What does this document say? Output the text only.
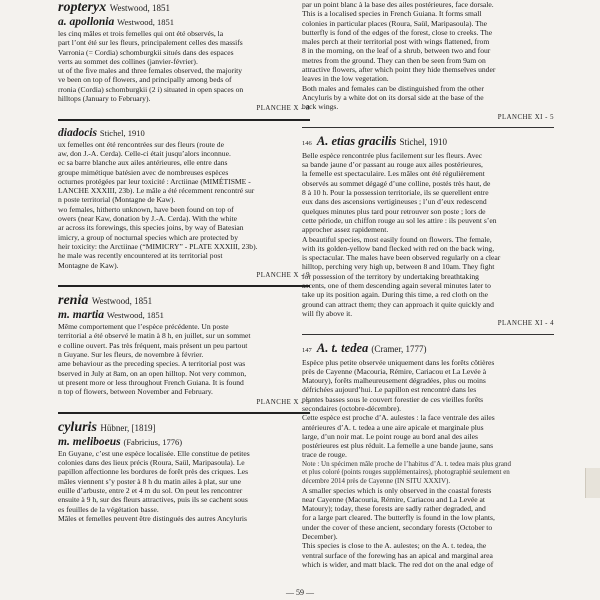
ropteryx Westwood, 1851
a. apollonia Westwood, 1851

les cinq mâles et trois femelles qui ont été observés, la

part l’ont été sur les fleurs, principalement celles des massifs

Varronia (= Cordia) schomburgkii situés dans des espaces

verts au sommet des collines (janvier-février).

ut of the five males and three females observed, the majority

ve been on top of flowers, and principally among beds of

rronia (Cordia) schomburgkii (2 i) situated in open spaces on

hilltops (January to February).

PLANCHE X - 8
diadocis Stichel, 1910

ux femelles ont été rencontrées sur des fleurs (route de

aw, don J.-A. Cerda). Celle-ci était jusqu’alors inconnue.

ec sa barre blanche aux ailes antérieures, elle entre dans

groupe mimétique batésien avec de nombreuses espèces

octurnes protégées par leur toxicité : Arctiinae (MIMÉTISME -

LANCHE XXXIII, 23b). Le mâle a été récemment rencontré sur

n poste territorial (Montagne de Kaw).

wo females, hitherto unknown, have been found on top of

owers (near Kaw, donation by J.-A. Cerda). With the white

ar across its forewings, this species joins, by way of Batesian

imicry, a group of nocturnal species which are protected by

heir toxicity: the Arctiinae (“MIMICRY” - PLATE XXXIII, 23b).

he male was recently encountered at its territorial post

Montagne de Kaw).

PLANCHE X - 9
renia Westwood, 1851
m. martia Westwood, 1851

Même comportement que l’espèce précédente. Un poste

territorial a été observé le matin à 8 h, en juillet, sur un sommet

e colline ouvert. Pas très fréquent, mais présent un peu partout

n Guyane. Sur les fleurs, de novembre à février.

ame behaviour as the preceding species. A territorial post was

bserved in July at 8am, on an open hilltop. Not very common,

ut present more or less throughout French Guiana. It is found

n top of flowers, between November and February.

PLANCHE X - 5
cyluris Hübner, [1819]
m. meliboeus (Fabricius, 1776)

En Guyane, c’est une espèce localisée. Elle constitue de petites

colonies dans des lieux précis (Roura, Saül, Maripasoula). Le

papillon affectionne les bordures de forêt près des criques. Les

mâles viennent s’y poster à 8 h du matin ailes à plat, sur une

euille d’arbuste, entre 2 et 4 m du sol. On peut les rencontrer

ensuite à 9 h, sur des fleurs attractives, puis ils se cachent sous

es feuilles de la végétation basse.

Mâles et femelles peuvent être distingués des autres Ancyluris

par un point blanc à la base des ailes postérieures, face dorsale.

This is a localised species in French Guiana. It forms small

colonies in particular places (Roura, Saül, Maripasoula). The

butterfly is fond of the edges of the forest, close to creeks. The

males perch at their territorial post with wings flattened, from

8 in the morning, on the leaf of a shrub, between two and four

metres from the ground. They can then be seen from 9am on

attractive flowers, after which point they hide themselves under

leaves in the low vegetation.

Both males and females can be distinguished from the other

Ancyluris by a white dot on its dorsal side at the base of the

back wings.

PLANCHE XI - 5
146 A. etias gracilis Stichel, 1910

Belle espèce rencontrée plus facilement sur les fleurs. Avec

sa bande jaune d’or passant au rouge aux ailes postérieures,

la femelle est spectaculaire. Les mâles ont été régulièrement

observés au sommet dégagé d’une colline, postés très haut, de

8 à 10 h. Pour la possession territoriale, ils se querellent entre

eux dans des ascensions vertigineuses ; l’un d’eux redescend

quelques minutes plus tard pour retrouver son poste ; lors de

cette période, un chiffon rouge au sol les attire : ils peuvent s’en

approcher assez rapidement.

A beautiful species, most easily found on flowers. The female,

with its golden-yellow band flecked with red on the back wing,

is spectacular. The males have been observed regularly on a clear

hilltop, perching very high up, between 8 and 10am. They fight

for possession of the territory by undertaking breathtaking

ascents, one of them descending again several minutes later to

take up its position again. During this time, a red cloth on the

ground can attract them; they can approach it quite quickly and

will fly above it.

PLANCHE XI - 4
147 A. t. tedea (Cramer, 1777)

Espèce plus petite observée uniquement dans les forêts côtières

près de Cayenne (Macouria, Rémire, Cariacou et La Levée à

Matoury), forêts malheureusement dégradées, plus ou moins

défrichées aujourd’hui. Le papillon est rencontré dans les

plantes basses sous le couvert forestier de ces vieilles forêts

secondaires (octobre-décembre).

Cette espèce est proche d’A. aulestes : la face ventrale des ailes

antérieures d’A. t. tedea a une aire apicale et marginale plus

large, d’un noir mat. Le point rouge au bord anal des ailes

postérieures est plus réduit. La femelle a une bande jaune, sans

trace de rouge.

Note : Un spécimen mâle proche de l’habitus d’A. t. tedea mais plus grand

et plus coloré (points rouges supplémentaires), photographié seulement en

décembre 2014 près de Cayenne (IN SITU XXXIV).

A smaller species which is only observed in the coastal forests

near Cayenne (Macouria, Rémire, Cariacou and La Levée at

Matoury); today, these forests are sadly rather degraded, and

for a large part cleared. The butterfly is found in the low plants,

under the cover of these ancient, secondary forests (October to

December).

This species is close to the A. aulestes; on the A. t. tedea, the

ventral surface of the forewing has an apical and marginal area

which is wider, and matt black. The red dot on the anal edge of

— 59 —
